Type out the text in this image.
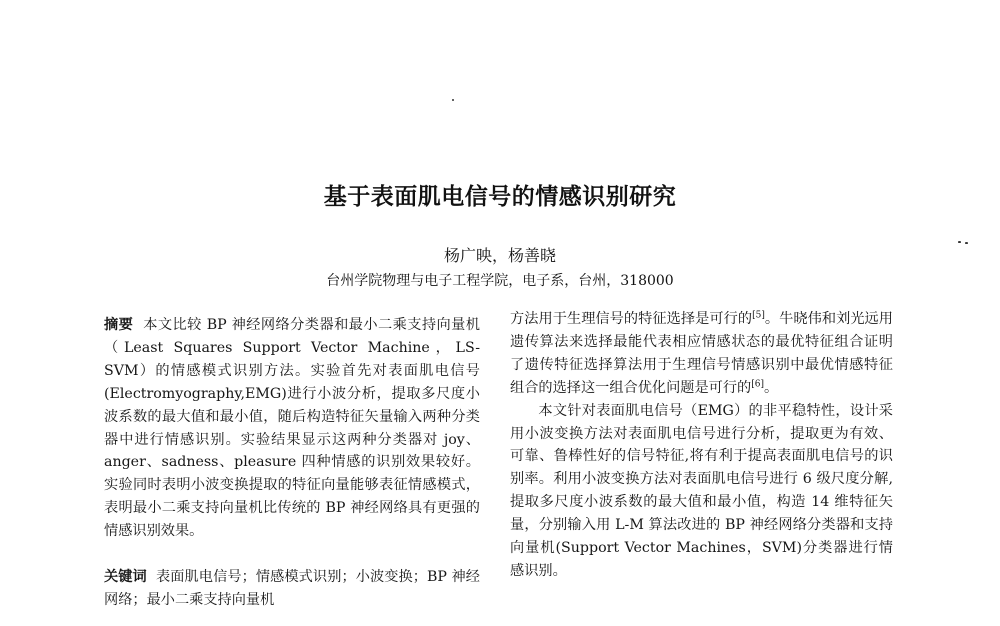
基于表面肌电信号的情感识别研究
杨广映，杨善晓
台州学院物理与电子工程学院，电子系，台州，318000

摘要 本文比较 BP 神经网络分类器和最小二乘支持向量机（Least Squares Support Vector Machine，LS-SVM）的情感模式识别方法。实验首先对表面肌电信号(Electromyography,EMG)进行小波分析，提取多尺度小波系数的最大值和最小值，随后构造特征矢量输入两种分类器中进行情感识别。实验结果显示这两种分类器对 joy、anger、sadness、pleasure 四种情感的识别效果较好。实验同时表明小波变换提取的特征向量能够表征情感模式，表明最小二乘支持向量机比传统的 BP 神经网络具有更强的情感识别效果。

关键词 表面肌电信号；情感模式识别；小波变换；BP 神经网络；最小二乘支持向量机

方法用于生理信号的特征选择是可行的[5]。牛晓伟和刘光远用遗传算法来选择最能代表相应情感状态的最优特征组合证明了遗传特征选择算法用于生理信号情感识别中最优情感特征组合的选择这一组合优化问题是可行的[6]。

本文针对表面肌电信号（EMG）的非平稳特性，设计采用小波变换方法对表面肌电信号进行分析，提取更为有效、可靠、鲁棒性好的信号特征,将有利于提高表面肌电信号的识别率。利用小波变换方法对表面肌电信号进行 6 级尺度分解,提取多尺度小波系数的最大值和最小值，构造 14 维特征矢量，分别输入用 L-M 算法改进的 BP 神经网络分类器和支持向量机(Support Vector Machines，SVM)分类器进行情感识别。
